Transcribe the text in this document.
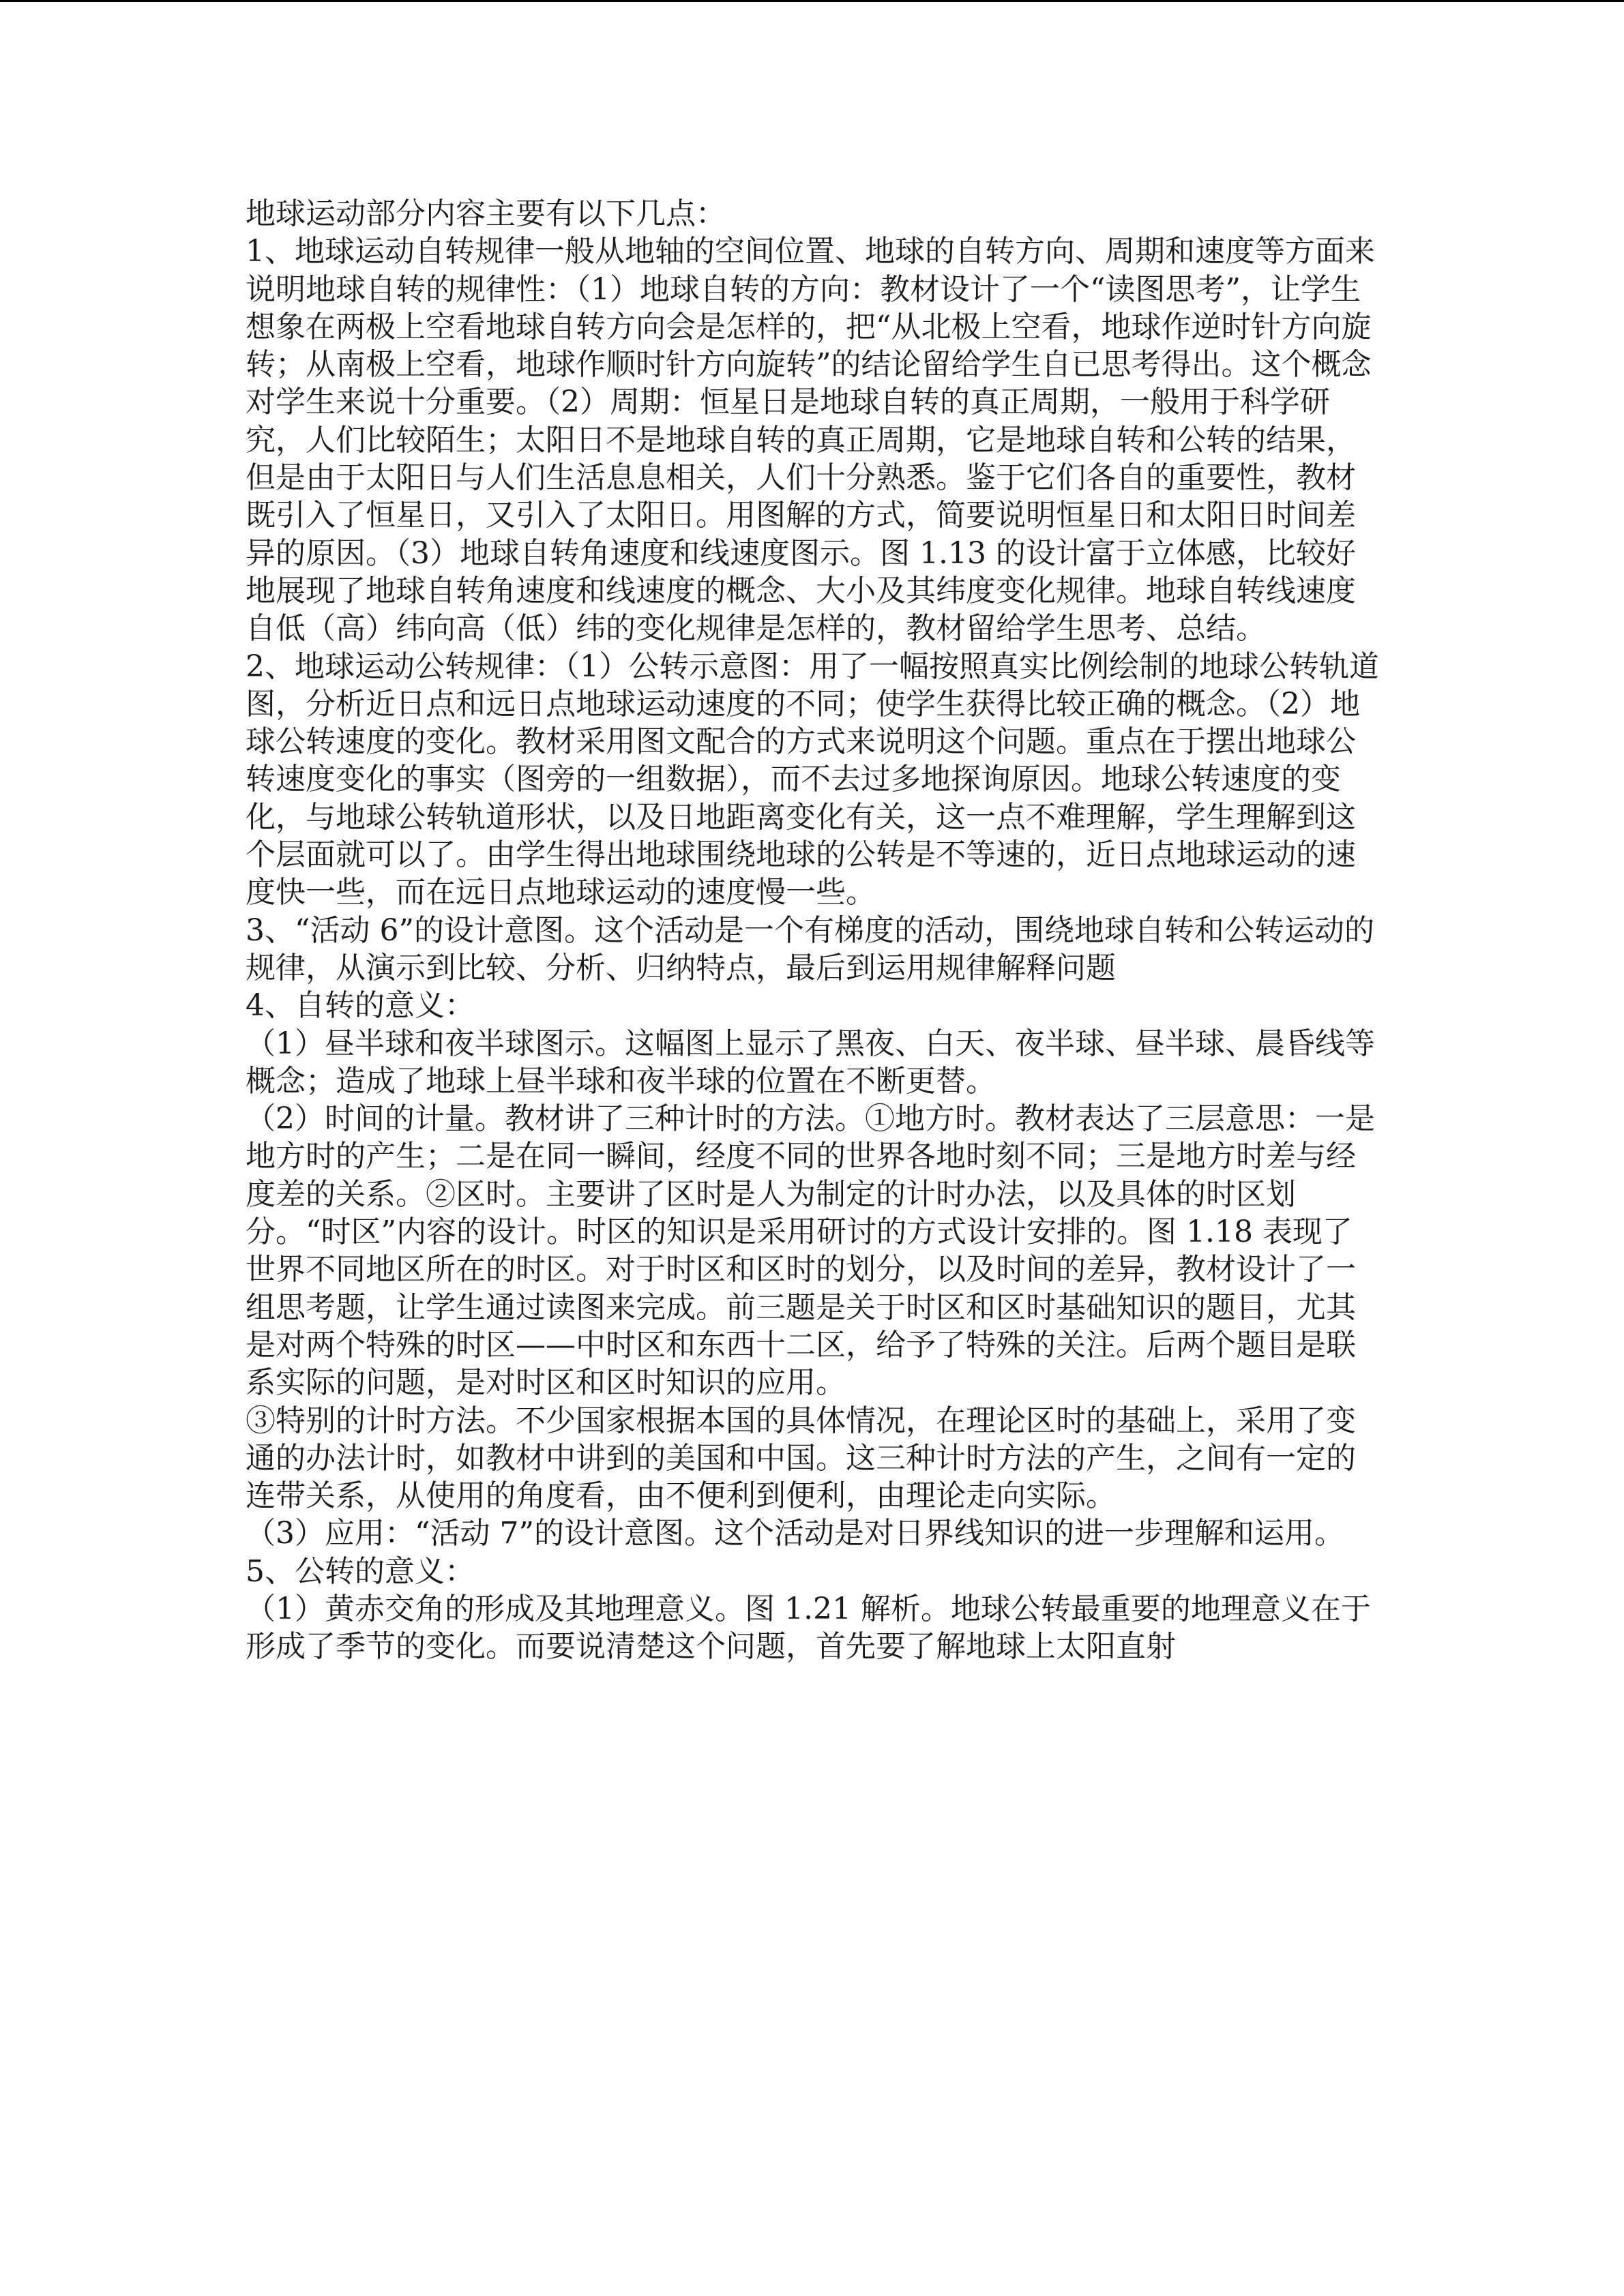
地球运动部分内容主要有以下几点：

1、地球运动自转规律一般从地轴的空间位置、地球的自转方向、周期和速度等方面来说明地球自转的规律性：（1）地球自转的方向：教材设计了一个“读图思考”，让学生想象在两极上空看地球自转方向会是怎样的，把“从北极上空看，地球作逆时针方向旋转；从南极上空看，地球作顺时针方向旋转”的结论留给学生自已思考得出。这个概念对学生来说十分重要。（2）周期：恒星日是地球自转的真正周期，一般用于科学研究，人们比较陌生；太阳日不是地球自转的真正周期，它是地球自转和公转的结果，但是由于太阳日与人们生活息息相关，人们十分熟悉。鉴于它们各自的重要性，教材既引入了恒星日，又引入了太阳日。用图解的方式，简要说明恒星日和太阳日时间差异的原因。（3）地球自转角速度和线速度图示。图 1.13 的设计富于立体感，比较好地展现了地球自转角速度和线速度的概念、大小及其纬度变化规律。地球自转线速度自低（高）纬向高（低）纬的变化规律是怎样的，教材留给学生思考、总结。

2、地球运动公转规律：（1）公转示意图：用了一幅按照真实比例绘制的地球公转轨道图，分析近日点和远日点地球运动速度的不同；使学生获得比较正确的概念。（2）地球公转速度的变化。教材采用图文配合的方式来说明这个问题。重点在于摆出地球公转速度变化的事实（图旁的一组数据），而不去过多地探询原因。地球公转速度的变化，与地球公转轨道形状，以及日地距离变化有关，这一点不难理解，学生理解到这个层面就可以了。由学生得出地球围绕地球的公转是不等速的，近日点地球运动的速度快一些，而在远日点地球运动的速度慢一些。

3、“活动 6”的设计意图。这个活动是一个有梯度的活动，围绕地球自转和公转运动的规律，从演示到比较、分析、归纳特点，最后到运用规律解释问题

4、自转的意义：

（1）昼半球和夜半球图示。这幅图上显示了黑夜、白天、夜半球、昼半球、晨昏线等概念；造成了地球上昼半球和夜半球的位置在不断更替。

（2）时间的计量。教材讲了三种计时的方法。①地方时。教材表达了三层意思：一是地方时的产生；二是在同一瞬间，经度不同的世界各地时刻不同；三是地方时差与经度差的关系。②区时。主要讲了区时是人为制定的计时办法，以及具体的时区划分。“时区”内容的设计。时区的知识是采用研讨的方式设计安排的。图 1.18 表现了世界不同地区所在的时区。对于时区和区时的划分，以及时间的差异，教材设计了一组思考题，让学生通过读图来完成。前三题是关于时区和区时基础知识的题目，尤其是对两个特殊的时区——中时区和东西十二区，给予了特殊的关注。后两个题目是联系实际的问题，是对时区和区时知识的应用。

③特别的计时方法。不少国家根据本国的具体情况，在理论区时的基础上，采用了变通的办法计时，如教材中讲到的美国和中国。这三种计时方法的产生，之间有一定的连带关系，从使用的角度看，由不便利到便利，由理论走向实际。

（3）应用：“活动 7”的设计意图。这个活动是对日界线知识的进一步理解和运用。

5、公转的意义：

（1）黄赤交角的形成及其地理意义。图 1.21 解析。地球公转最重要的地理意义在于形成了季节的变化。而要说清楚这个问题，首先要了解地球上太阳直射
